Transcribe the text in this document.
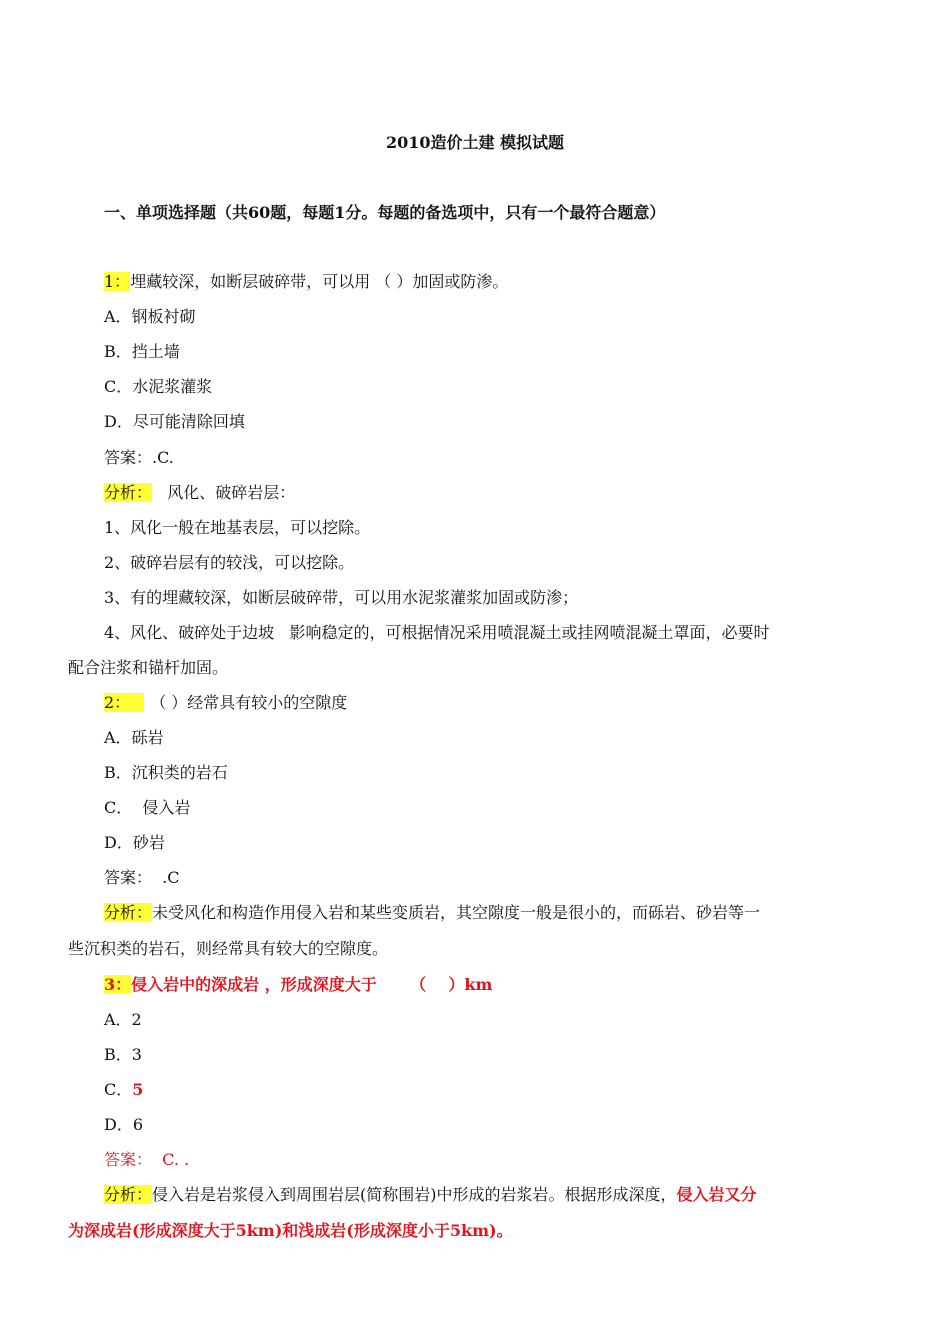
2010造价土建 模拟试题
一、单项选择题（共60题，每题1分。每题的备选项中，只有一个最符合题意）
1：埋藏较深，如断层破碎带，可以用 （ ）加固或防渗。
A．钢板衬砌
B．挡土墙
C．水泥浆灌浆
D．尽可能清除回填
答案：.C.
分析：   风化、破碎岩层：
1、风化一般在地基表层，可以挖除。
2、破碎岩层有的较浅，可以挖除。
3、有的埋藏较深，如断层破碎带，可以用水泥浆灌浆加固或防渗；
4、风化、破碎处于边坡   影响稳定的，可根据情况采用喷混凝土或挂网喷混凝土罩面，必要时
配合注浆和锚杆加固。
2： （ ）经常具有较小的空隙度
A．砾岩
B．沉积类的岩石
C．  侵入岩
D．砂岩
答案：  .C
分析：未受风化和构造作用侵入岩和某些变质岩，其空隙度一般是很小的，而砾岩、砂岩等一
些沉积类的岩石，则经常具有较大的空隙度。
3：侵入岩中的深成岩 ，形成深度大于      （    ）km
A．2
B．3
C．5
D．6
答案：  C. .
分析：侵入岩是岩浆侵入到周围岩层(简称围岩)中形成的岩浆岩。根据形成深度，侵入岩又分
为深成岩(形成深度大于5km)和浅成岩(形成深度小于5km)。
